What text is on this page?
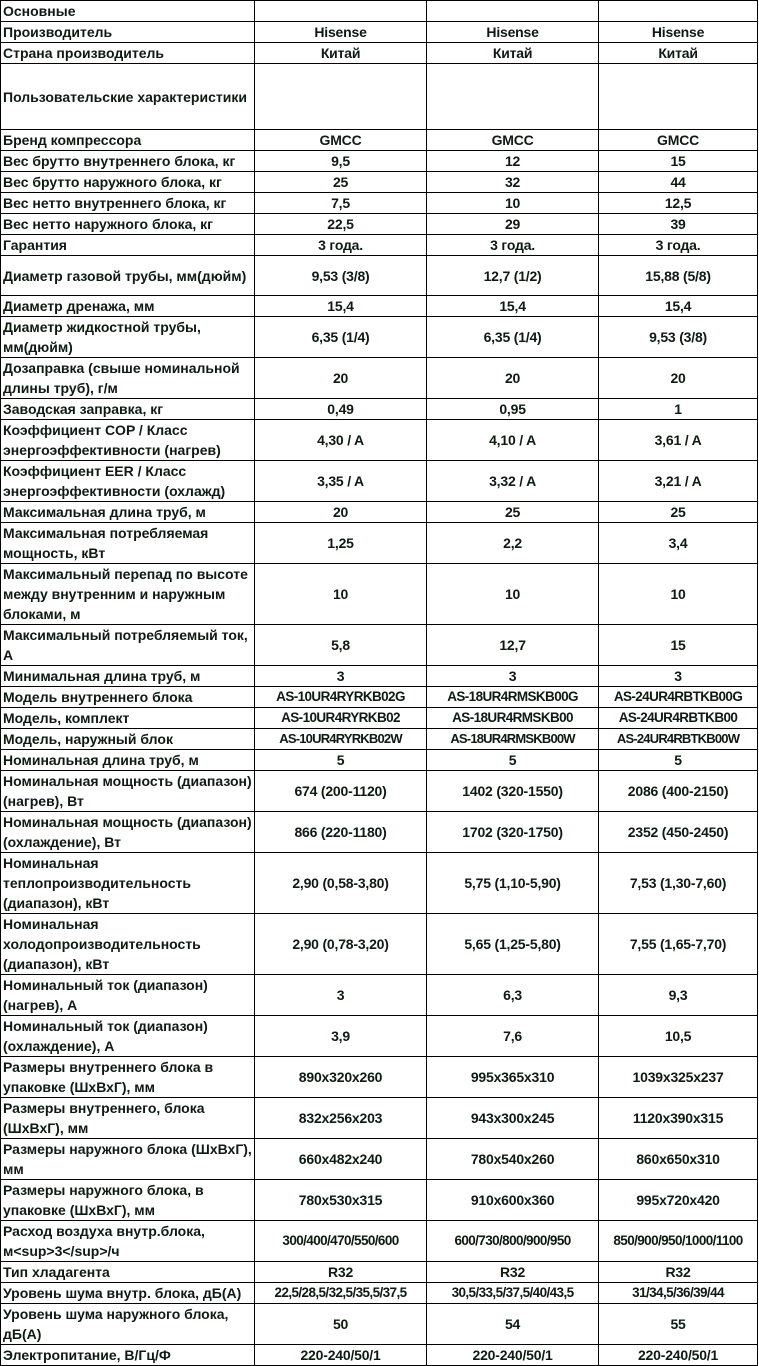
Основные			
Производитель	Hisense	Hisense	Hisense
Страна производитель	Китай	Китай	Китай
Пользовательские характеристики			
Бренд компрессора	GMCC	GMCC	GMCC
Вес брутто внутреннего блока, кг	9,5	12	15
Вес брутто наружного блока, кг	25	32	44
Вес нетто внутреннего блока, кг	7,5	10	12,5
Вес нетто наружного блока, кг	22,5	29	39
Гарантия	3 года.	3 года.	3 года.
Диаметр газовой трубы, мм(дюйм)	9,53 (3/8)	12,7 (1/2)	15,88 (5/8)
Диаметр дренажа, мм	15,4	15,4	15,4
Диаметр жидкостной трубы, мм(дюйм)	6,35 (1/4)	6,35 (1/4)	9,53 (3/8)
Дозаправка (свыше номинальной длины труб), г/м	20	20	20
Заводская заправка, кг	0,49	0,95	1
Коэффициент COP / Класс энергоэффективности (нагрев)	4,30 / A	4,10 / A	3,61 / A
Коэффициент EER / Класс энергоэффективности (охлажд)	3,35 / A	3,32 / A	3,21 / A
Максимальная длина труб, м	20	25	25
Максимальная потребляемая мощность, кВт	1,25	2,2	3,4
Максимальный перепад по высоте между внутренним и наружным блоками, м	10	10	10
Максимальный потребляемый ток, А	5,8	12,7	15
Минимальная длина труб, м	3	3	3
Модель внутреннего блока	AS-10UR4RYRKB02G	AS-18UR4RMSKB00G	AS-24UR4RBTKB00G
Модель, комплект	AS-10UR4RYRKB02	AS-18UR4RMSKB00	AS-24UR4RBTKB00
Модель, наружный блок	AS-10UR4RYRKB02W	AS-18UR4RMSKB00W	AS-24UR4RBTKB00W
Номинальная длина труб, м	5	5	5
Номинальная мощность (диапазон) (нагрев), Вт	674 (200-1120)	1402 (320-1550)	2086 (400-2150)
Номинальная мощность (диапазон) (охлаждение), Вт	866 (220-1180)	1702 (320-1750)	2352 (450-2450)
Номинальная теплопроизводительность (диапазон), кВт	2,90 (0,58-3,80)	5,75 (1,10-5,90)	7,53 (1,30-7,60)
Номинальная холодопроизводительность (диапазон), кВт	2,90 (0,78-3,20)	5,65 (1,25-5,80)	7,55 (1,65-7,70)
Номинальный ток (диапазон)(нагрев), А	3	6,3	9,3
Номинальный ток (диапазон)(охлаждение), А	3,9	7,6	10,5
Размеры внутреннего блока в упаковке (ШхВхГ), мм	890x320x260	995x365x310	1039x325x237
Размеры внутреннего, блока (ШхВхГ), мм	832x256x203	943x300x245	1120x390x315
Размеры наружного блока (ШхВхГ), мм	660x482x240	780x540x260	860x650x310
Размеры наружного блока, в упаковке (ШхВхГ), мм	780x530x315	910x600x360	995x720x420
Расход воздуха внутр.блока, м<sup>3</sup>/ч	300/400/470/550/600	600/730/800/900/950	850/900/950/1000/1100
Тип хладагента	R32	R32	R32
Уровень шума внутр. блока, дБ(А)	22,5/28,5/32,5/35,5/37,5	30,5/33,5/37,5/40/43,5	31/34,5/36/39/44
Уровень шума наружного блока, дБ(А)	50	54	55
Электропитание, В/Гц/Ф	220-240/50/1	220-240/50/1	220-240/50/1
